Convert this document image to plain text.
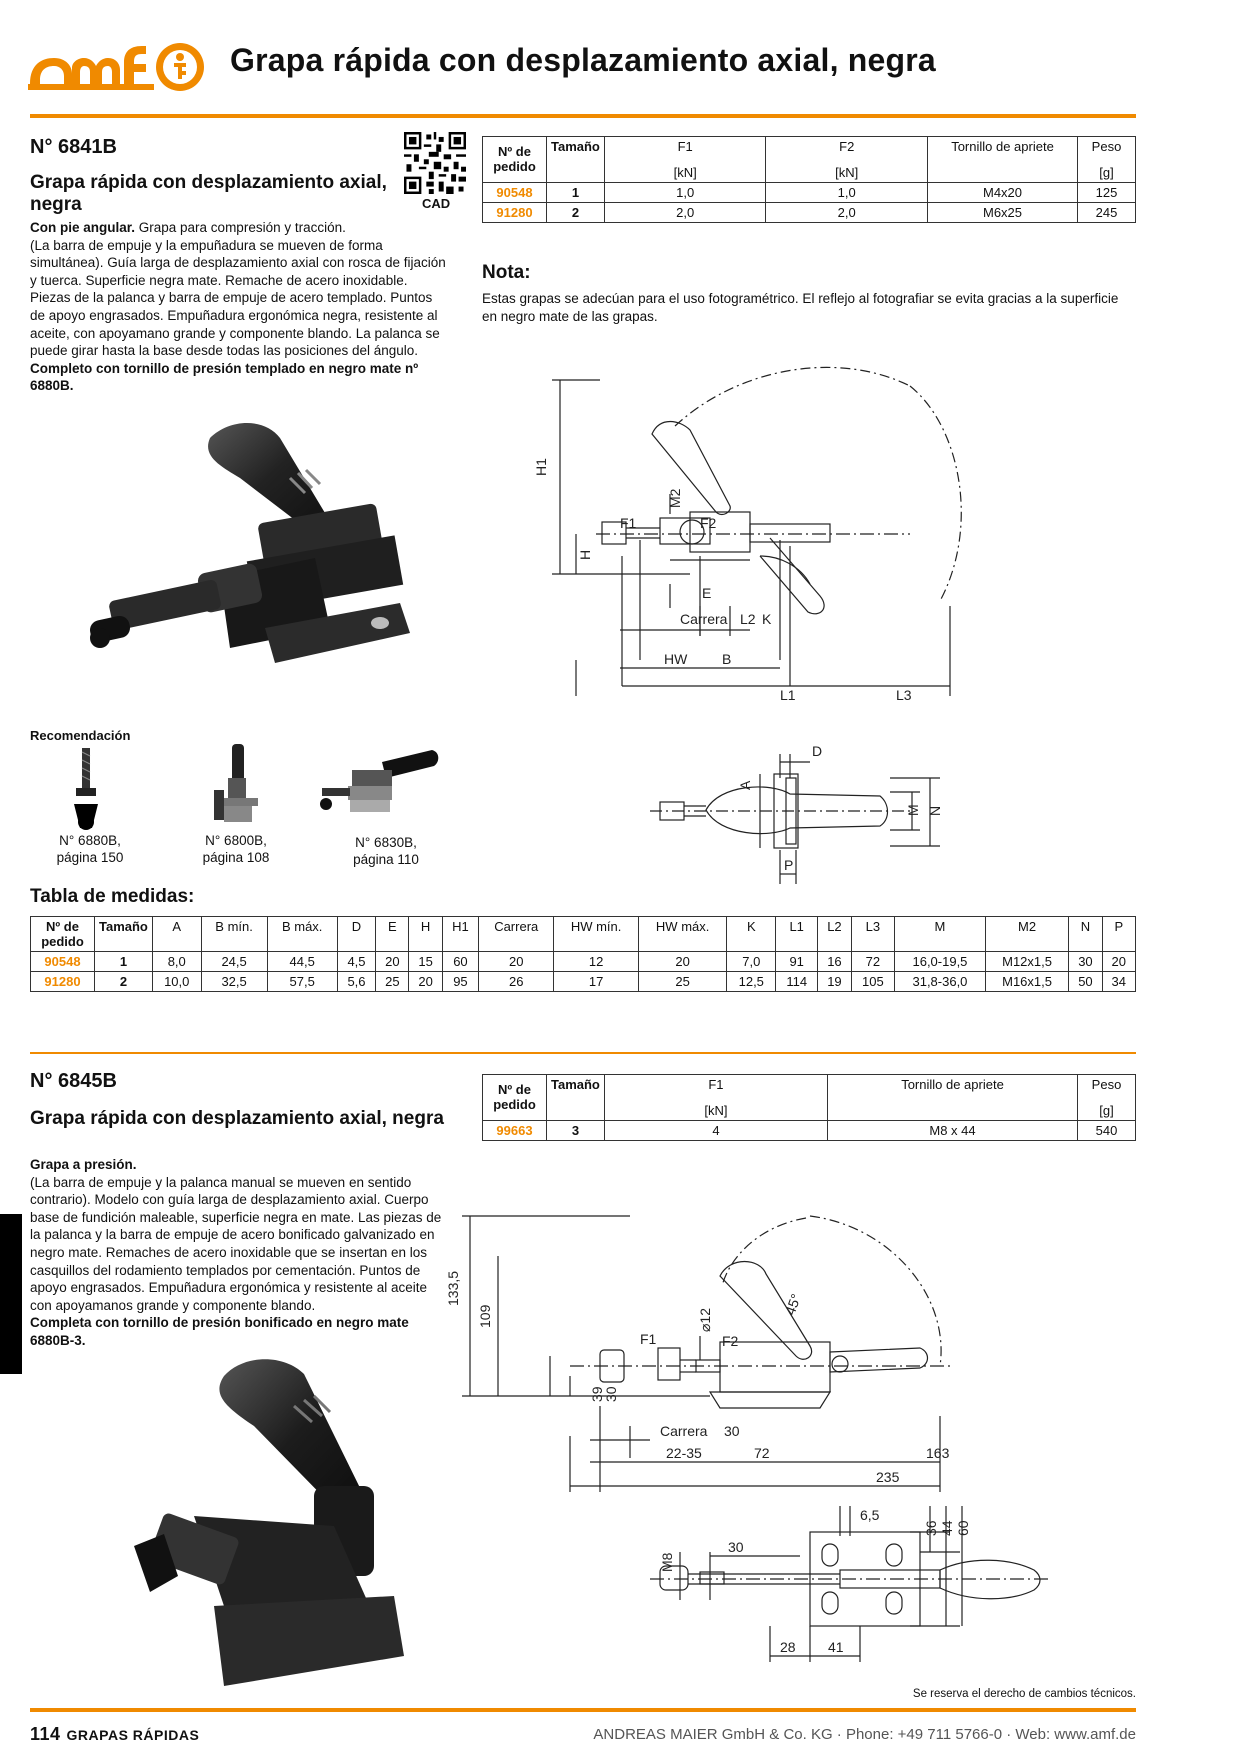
Grapa rápida con desplazamiento axial, negra
N° 6841B
Grapa rápida con desplazamiento axial, negra	CAD
Con pie angular. Grapa para compresión y tracción.
(La barra de empuje y la empuñadura se mueven de forma simultánea). Guía larga de desplazamiento axial con rosca de fijación y tuerca. Superficie negra mate. Remache de acero inoxidable. Piezas de la palanca y barra de empuje de acero templado. Puntos de apoyo engrasados. Empuñadura ergonómica negra, resistente al aceite, con apoyamano grande y componente blando. La palanca se puede girar hasta la base desde todas las posiciones del ángulo.
Completo con tornillo de presión templado en negro mate nº 6880B.
Nº de pedido	Tamaño	F1	F2	Tornillo de apriete	Peso
		[kN]	[kN]		[g]
90548	1	1,0	1,0	M4x20	125
91280	2	2,0	2,0	M6x25	245
Nota:
Estas grapas se adecúan para el uso fotogramétrico. El reflejo al fotografiar se evita gracias a la superficie en negro mate de las grapas.
H1
F1	F2
M2
H
E
Carrera L2 K
HW B
L1	L3
D
A
M N
P
Recomendación
N° 6880B,
página 150
N° 6800B,
página 108
N° 6830B,
página 110
Tabla de medidas:
Nº de pedido	Tamaño	A	B mín.	B máx.	D	E	H	H1	Carrera	HW mín.	HW máx.	K	L1	L2	L3	M	M2	N	P

90548	1	8,0	24,5	44,5	4,5	20	15	60	20	12	20	7,0	91	16	72	16,0-19,5	M12x1,5	30	20
91280	2	10,0	32,5	57,5	5,6	25	20	95	26	17	25	12,5	114	19	105	31,8-36,0	M16x1,5	50	34
N° 6845B
Grapa rápida con desplazamiento axial, negra
Grapa a presión.
(La barra de empuje y la palanca manual se mueven en sentido contrario). Modelo con guía larga de desplazamiento axial. Cuerpo base de fundición maleable, superficie negra en mate. Las piezas de la palanca y la barra de empuje de acero bonificado galvanizado en negro mate. Remaches de acero inoxidable que se insertan en los casquillos del rodamiento templados por cementación. Puntos de apoyo engrasados. Empuñadura ergonómica y resistente al aceite con apoyamanos grande y componente blando.
Completa con tornillo de presión bonificado en negro mate 6880B-3.
Nº de pedido	Tamaño	F1	Tornillo de apriete	Peso
		[kN]		[g]
99663	3	4	M8 x 44	540
133,5
109	⌀12
45°
F1	F2
39
30
Carrera 30
22-35	72	163
235
6,5
36 44 60
M8
30
28 41
Se reserva el derecho de cambios técnicos.
114 GRAPAS RÁPIDAS	ANDREAS MAIER GmbH & Co. KG · Phone: +49 711 5766-0 · Web: www.amf.de
